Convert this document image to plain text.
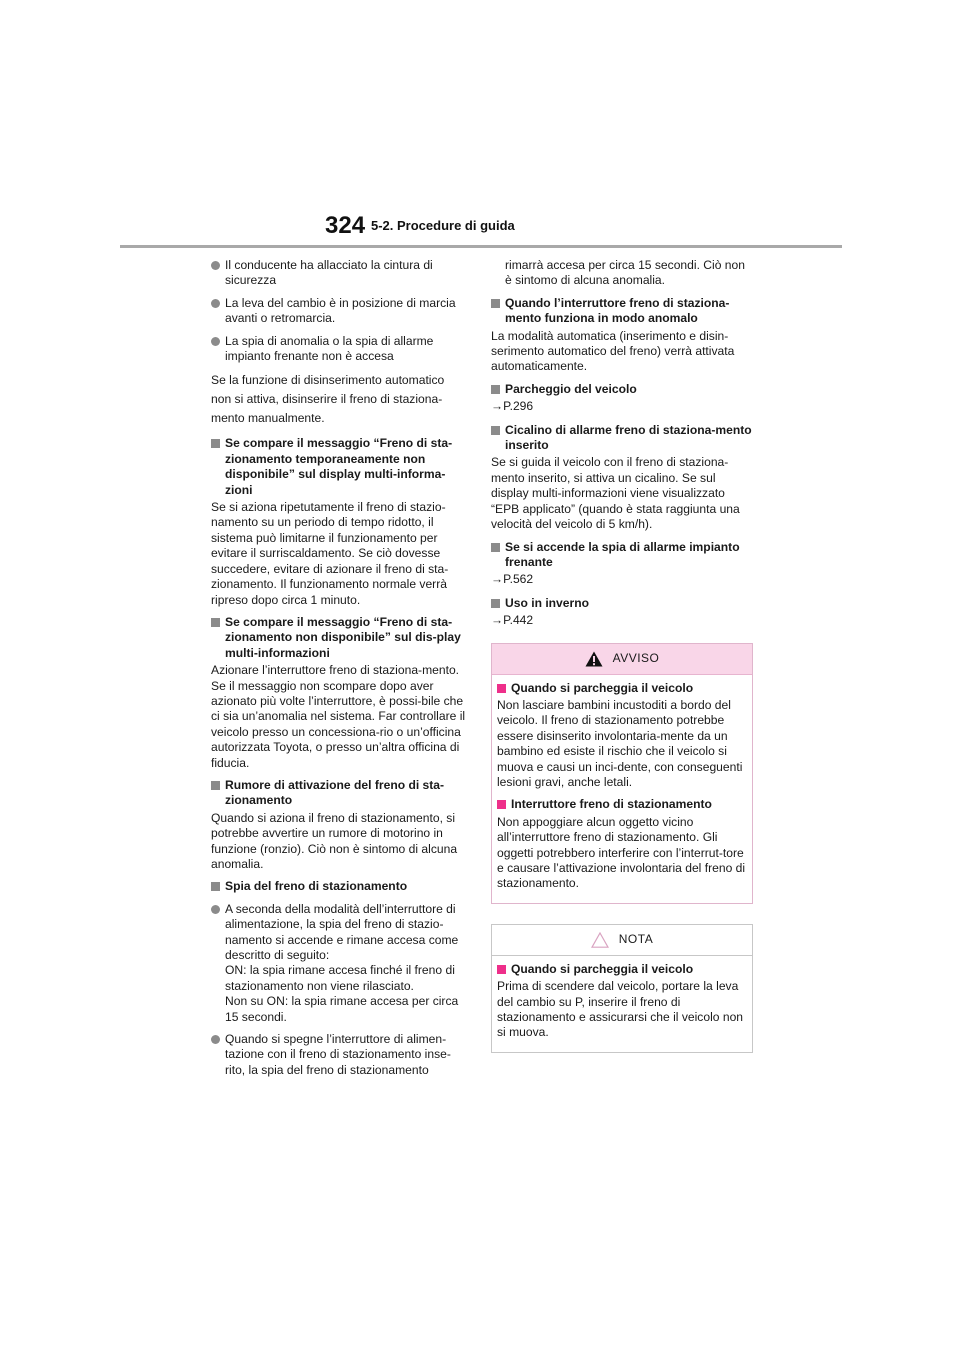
324 5-2. Procedure di guida
Il conducente ha allacciato la cintura di sicurezza
La leva del cambio è in posizione di marcia avanti o retromarcia.
La spia di anomalia o la spia di allarme impianto frenante non è accesa

Se la funzione di disinserimento automatico

non si attiva, disinserire il freno di staziona-

mento manualmente.

Se compare il messaggio “Freno di sta-zionamento temporaneamente non disponibile” sul display multi-informa-zioni

Se si aziona ripetutamente il freno di stazio-namento su un periodo di tempo ridotto, il sistema può limitarne il funzionamento per evitare il surriscaldamento. Se ciò dovesse succedere, evitare di azionare il freno di sta-zionamento. Il funzionamento normale verrà ripreso dopo circa 1 minuto.

Se compare il messaggio “Freno di sta-zionamento non disponibile” sul dis-play multi-informazioni

Azionare l’interruttore freno di staziona-mento. Se il messaggio non scompare dopo aver azionato più volte l’interruttore, è possi-bile che ci sia un’anomalia nel sistema. Far controllare il veicolo presso un concessiona-rio o un’officina autorizzata Toyota, o presso un’altra officina di fiducia.

Rumore di attivazione del freno di sta-zionamento

Quando si aziona il freno di stazionamento, si potrebbe avvertire un rumore di motorino in funzione (ronzio). Ciò non è sintomo di alcuna anomalia.

Spia del freno di stazionamento
A seconda della modalità dell’interruttore di alimentazione, la spia del freno di stazio-namento si accende e rimane accesa come descritto di seguito:
ON: la spia rimane accesa finché il freno di stazionamento non viene rilasciato.
Non su ON: la spia rimane accesa per circa 15 secondi.
Quando si spegne l’interruttore di alimen-tazione con il freno di stazionamento inse-rito, la spia del freno di stazionamento

rimarrà accesa per circa 15 secondi. Ciò non è sintomo di alcuna anomalia.

Quando l’interruttore freno di staziona-mento funziona in modo anomalo

La modalità automatica (inserimento e disin-serimento automatico del freno) verrà attivata automaticamente.

Parcheggio del veicolo

→P.296

Cicalino di allarme freno di staziona-mento inserito

Se si guida il veicolo con il freno di staziona-mento inserito, si attiva un cicalino. Se sul display multi-informazioni viene visualizzato “EPB applicato” (quando è stata raggiunta una velocità del veicolo di 5 km/h).

Se si accende la spia di allarme impianto frenante

→P.562

Uso in inverno

→P.442

AVVISO
Quando si parcheggia il veicolo

Non lasciare bambini incustoditi a bordo del veicolo. Il freno di stazionamento potrebbe essere disinserito involontaria-mente da un bambino ed esiste il rischio che il veicolo si muova e causi un inci-dente, con conseguenti lesioni gravi, anche letali.

Interruttore freno di stazionamento

Non appoggiare alcun oggetto vicino all’interruttore freno di stazionamento. Gli oggetti potrebbero interferire con l’interrut-tore e causare l’attivazione involontaria del freno di stazionamento.

NOTA
Quando si parcheggia il veicolo

Prima di scendere dal veicolo, portare la leva del cambio su P, inserire il freno di stazionamento e assicurarsi che il veicolo non si muova.
